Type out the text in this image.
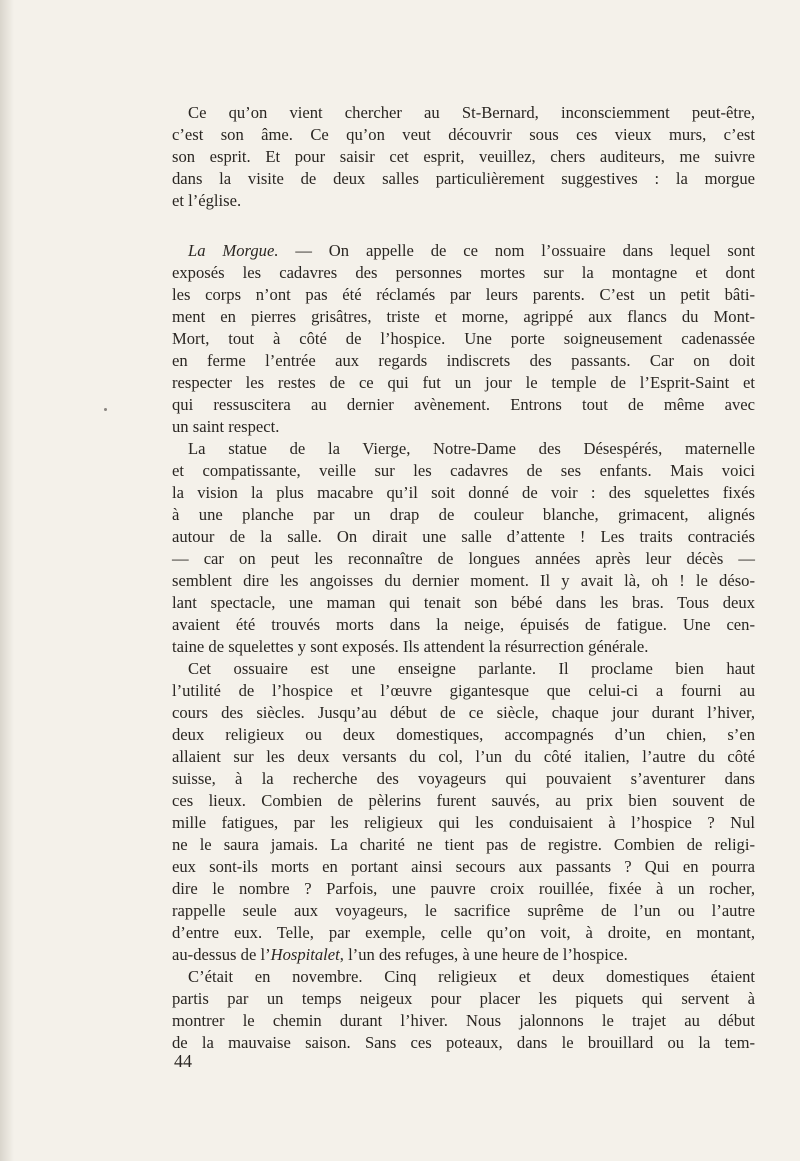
Ce qu’on vient chercher au St-Bernard, inconsciemment peut-être,
c’est son âme. Ce qu’on veut découvrir sous ces vieux murs, c’est
son esprit. Et pour saisir cet esprit, veuillez, chers auditeurs, me suivre
dans la visite de deux salles particulièrement suggestives : la morgue
et l’église.
La Morgue. — On appelle de ce nom l’ossuaire dans lequel sont
exposés les cadavres des personnes mortes sur la montagne et dont
les corps n’ont pas été réclamés par leurs parents. C’est un petit bâti-
ment en pierres grisâtres, triste et morne, agrippé aux flancs du Mont-
Mort, tout à côté de l’hospice. Une porte soigneusement cadenassée
en ferme l’entrée aux regards indiscrets des passants. Car on doit
respecter les restes de ce qui fut un jour le temple de l’Esprit-Saint et
qui ressuscitera au dernier avènement. Entrons tout de même avec
un saint respect.
La statue de la Vierge, Notre-Dame des Désespérés, maternelle
et compatissante, veille sur les cadavres de ses enfants. Mais voici
la vision la plus macabre qu’il soit donné de voir : des squelettes fixés
à une planche par un drap de couleur blanche, grimacent, alignés
autour de la salle. On dirait une salle d’attente ! Les traits contraciés
— car on peut les reconnaître de longues années après leur décès —
semblent dire les angoisses du dernier moment. Il y avait là, oh ! le déso-
lant spectacle, une maman qui tenait son bébé dans les bras. Tous deux
avaient été trouvés morts dans la neige, épuisés de fatigue. Une cen-
taine de squelettes y sont exposés. Ils attendent la résurrection générale.
Cet ossuaire est une enseigne parlante. Il proclame bien haut
l’utilité de l’hospice et l’œuvre gigantesque que celui-ci a fourni au
cours des siècles. Jusqu’au début de ce siècle, chaque jour durant l’hiver,
deux religieux ou deux domestiques, accompagnés d’un chien, s’en
allaient sur les deux versants du col, l’un du côté italien, l’autre du côté
suisse, à la recherche des voyageurs qui pouvaient s’aventurer dans
ces lieux. Combien de pèlerins furent sauvés, au prix bien souvent de
mille fatigues, par les religieux qui les conduisaient à l’hospice ? Nul
ne le saura jamais. La charité ne tient pas de registre. Combien de religi-
eux sont-ils morts en portant ainsi secours aux passants ? Qui en pourra
dire le nombre ? Parfois, une pauvre croix rouillée, fixée à un rocher,
rappelle seule aux voyageurs, le sacrifice suprême de l’un ou l’autre
d’entre eux. Telle, par exemple, celle qu’on voit, à droite, en montant,
au-dessus de l’Hospitalet, l’un des refuges, à une heure de l’hospice.
C’était en novembre. Cinq religieux et deux domestiques étaient
partis par un temps neigeux pour placer les piquets qui servent à
montrer le chemin durant l’hiver. Nous jalonnons le trajet au début
de la mauvaise saison. Sans ces poteaux, dans le brouillard ou la tem-
44
